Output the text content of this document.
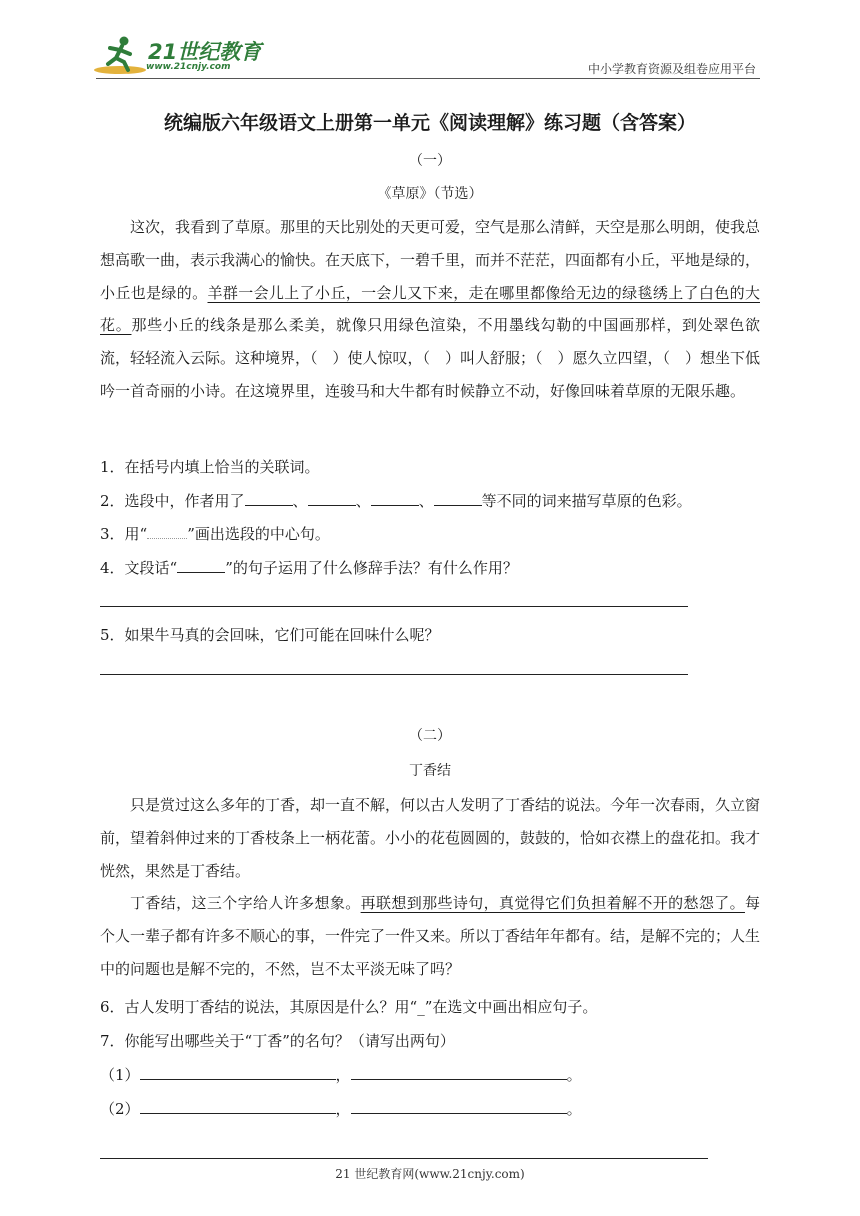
21世纪教育
www.21cnjy.com	中小学教育资源及组卷应用平台
统编版六年级语文上册第一单元《阅读理解》练习题（含答案）
（一）
《草原》（节选）

这次，我看到了草原。那里的天比别处的天更可爱，空气是那么清鲜，天空是那么明朗，使我总想高歌一曲，表示我满心的愉快。在天底下，一碧千里，而并不茫茫，四面都有小丘，平地是绿的，小丘也是绿的。羊群一会儿上了小丘，一会儿又下来，走在哪里都像给无边的绿毯绣上了白色的大花。那些小丘的线条是那么柔美，就像只用绿色渲染，不用墨线勾勒的中国画那样，到处翠色欲流，轻轻流入云际。这种境界，（　）使人惊叹，（　）叫人舒服；（　）愿久立四望，（　）想坐下低吟一首奇丽的小诗。在这境界里，连骏马和大牛都有时候静立不动，好像回味着草原的无限乐趣。

1．在括号内填上恰当的关联词。
2．选段中，作者用了	、	、	、	等不同的词来描写草原的色彩。
3．用“	”画出选段的中心句。
4．文段话“	”的句子运用了什么修辞手法？有什么作用？
5．如果牛马真的会回味，它们可能在回味什么呢？
（二）
丁香结

只是赏过这么多年的丁香，却一直不解，何以古人发明了丁香结的说法。今年一次春雨，久立窗前，望着斜伸过来的丁香枝条上一柄花蕾。小小的花苞圆圆的，鼓鼓的，恰如衣襟上的盘花扣。我才恍然，果然是丁香结。

丁香结，这三个字给人许多想象。再联想到那些诗句，真觉得它们负担着解不开的愁怨了。每个人一辈子都有许多不顺心的事，一件完了一件又来。所以丁香结年年都有。结，是解不完的；人生中的问题也是解不完的，不然，岂不太平淡无味了吗？

6．古人发明丁香结的说法，其原因是什么？用“_”在选文中画出相应句子。
7．你能写出哪些关于“丁香”的名句？（请写出两句）
（1）	，	。
（2）	，	。
21 世纪教育网(www.21cnjy.com)
